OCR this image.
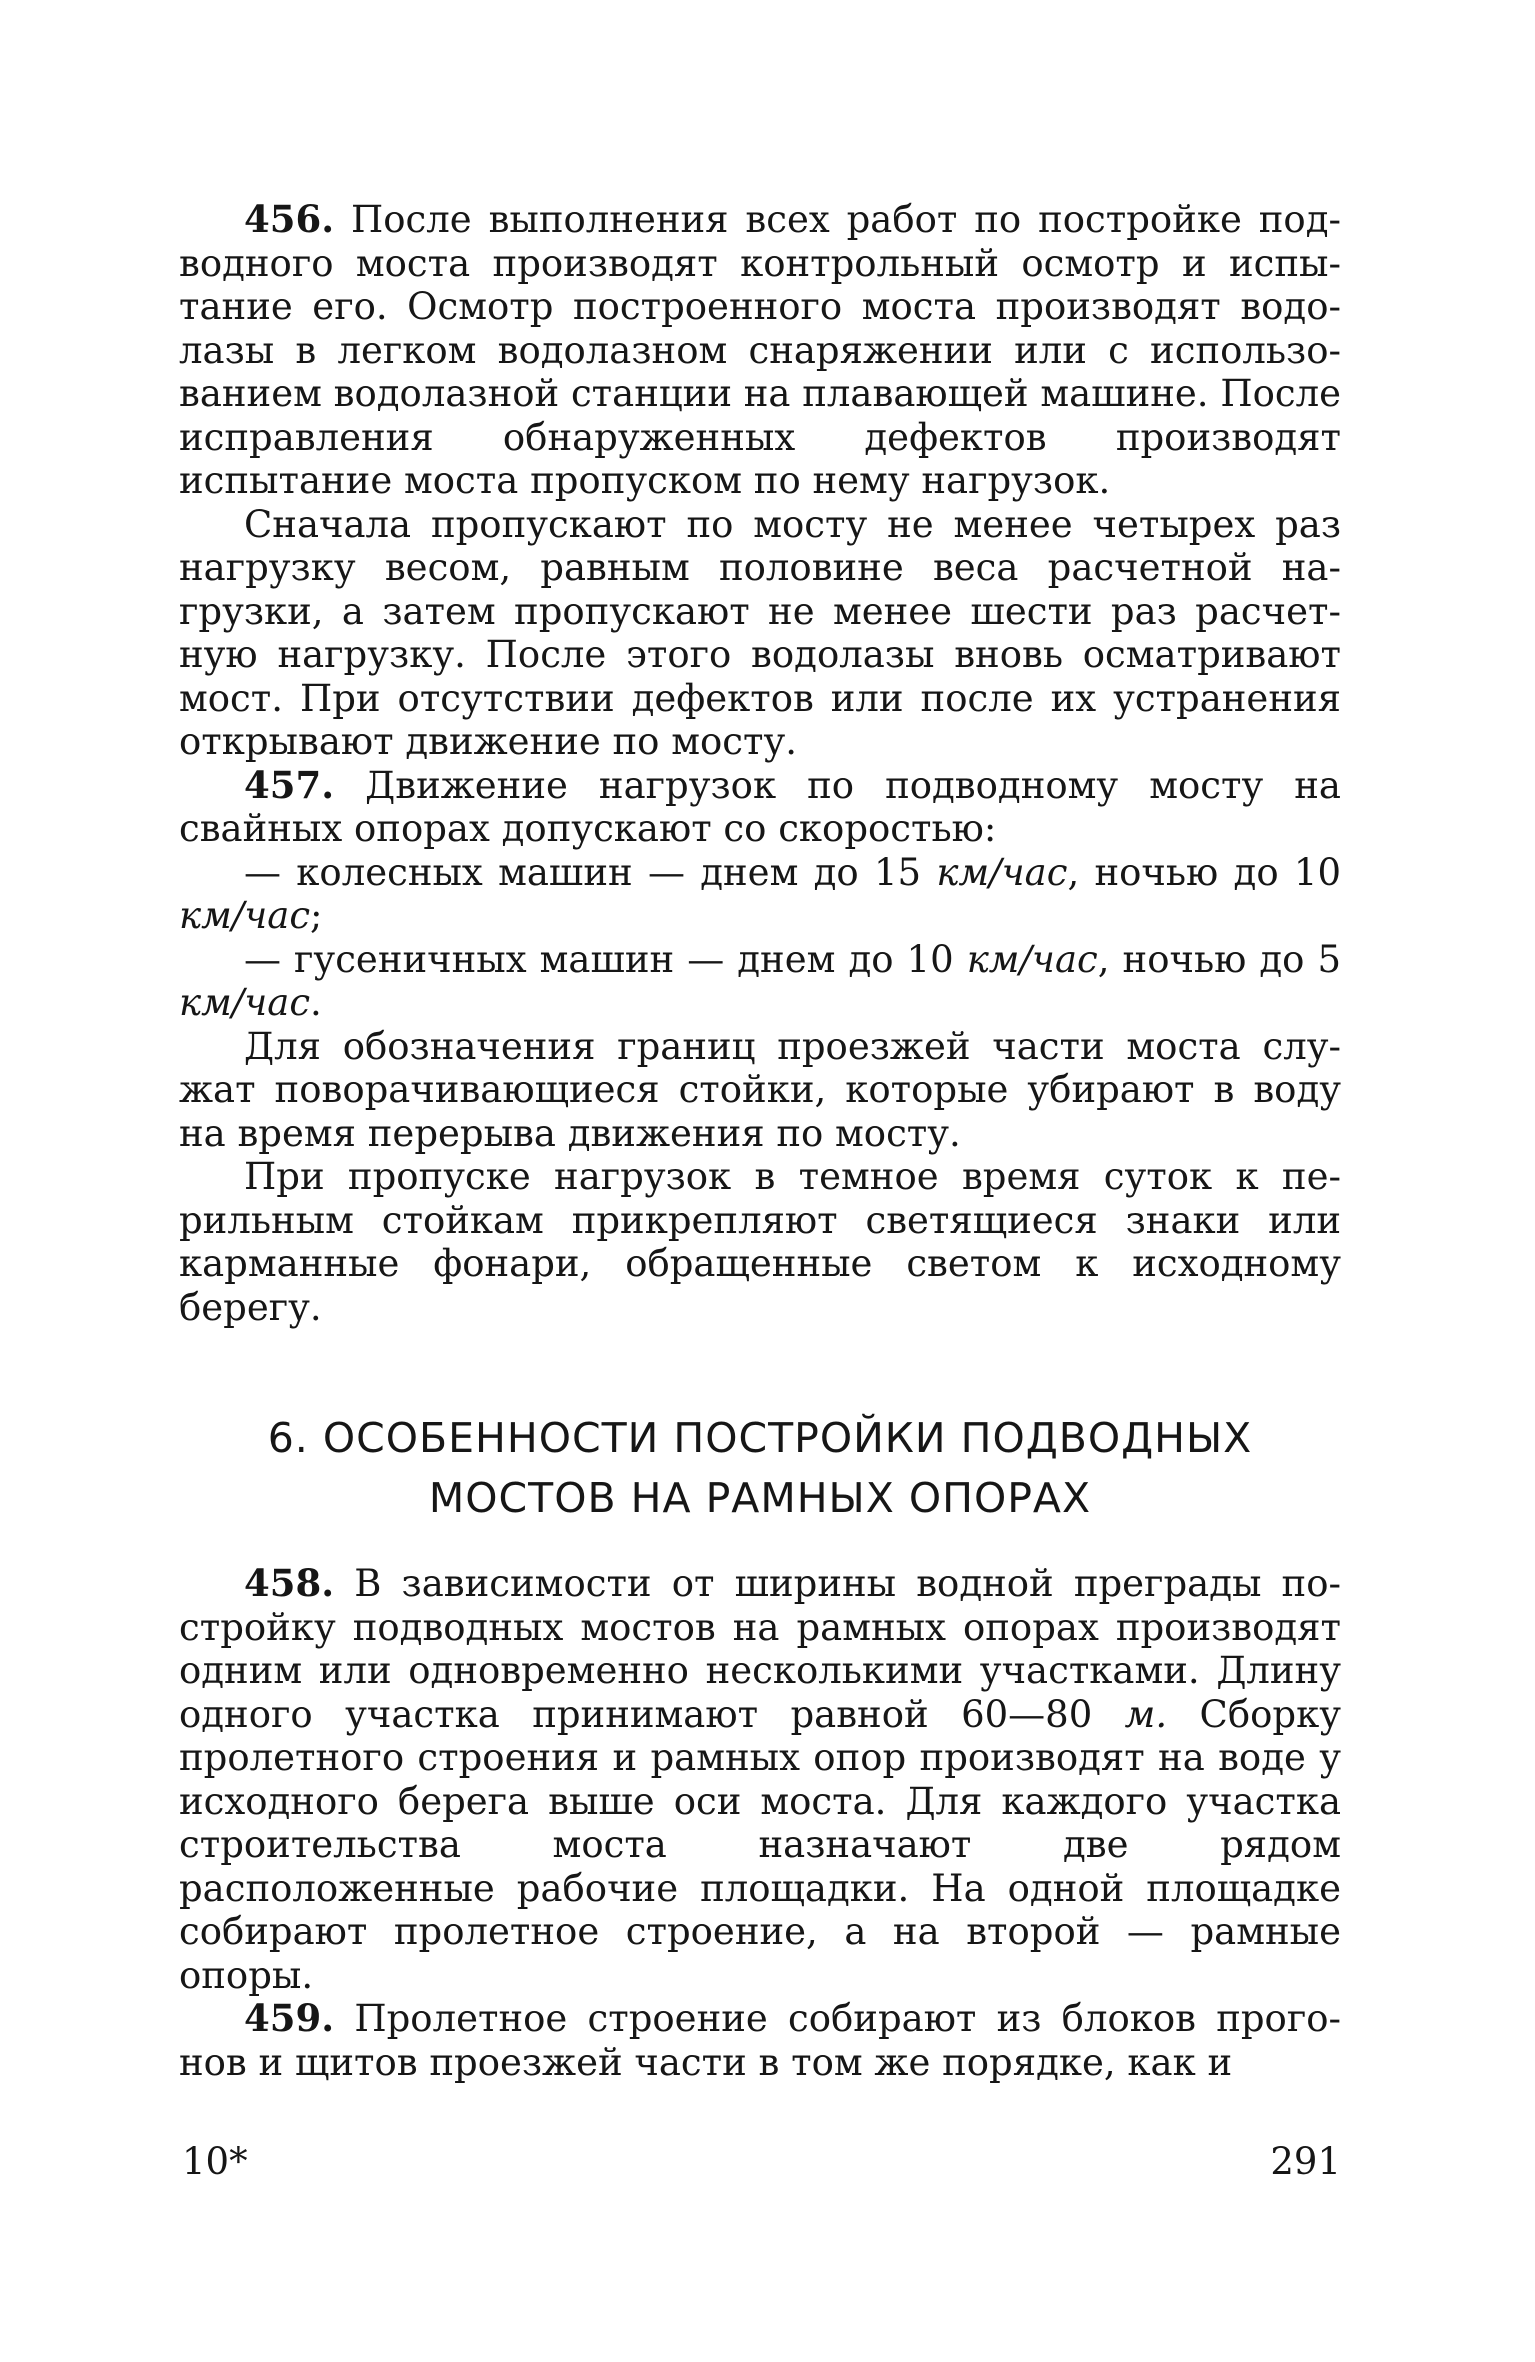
456. После выполнения всех работ по постройке подводного моста производят контрольный осмотр и испытание его. Осмотр построенного моста производят водолазы в легком водолазном снаряжении или с использованием водолазной станции на плавающей машине. После исправления обнаруженных дефектов производят испытание моста пропуском по нему нагрузок.

Сначала пропускают по мосту не менее четырех раз нагрузку весом, равным половине веса расчетной нагрузки, а затем пропускают не менее шести раз расчетную нагрузку. После этого водолазы вновь осматривают мост. При отсутствии дефектов или после их устранения открывают движение по мосту.

457. Движение нагрузок по подводному мосту на свайных опорах допускают со скоростью:

— колесных машин — днем до 15 км/час, ночью до 10 км/час;

— гусеничных машин — днем до 10 км/час, ночью до 5 км/час.

Для обозначения границ проезжей части моста служат поворачивающиеся стойки, которые убирают в воду на время перерыва движения по мосту.

При пропуске нагрузок в темное время суток к перильным стойкам прикрепляют светящиеся знаки или карманные фонари, обращенные светом к исходному берегу.

6. ОСОБЕННОСТИ ПОСТРОЙКИ ПОДВОДНЫХ
МОСТОВ НА РАМНЫХ ОПОРАХ

458. В зависимости от ширины водной преграды постройку подводных мостов на рамных опорах производят одним или одновременно несколькими участками. Длину одного участка принимают равной 60—80 м. Сборку пролетного строения и рамных опор производят на воде у исходного берега выше оси моста. Для каждого участка строительства моста назначают две рядом расположенные рабочие площадки. На одной площадке собирают пролетное строение, а на второй — рамные опоры.

459. Пролетное строение собирают из блоков прогонов и щитов проезжей части в том же порядке, как и

10*	291
